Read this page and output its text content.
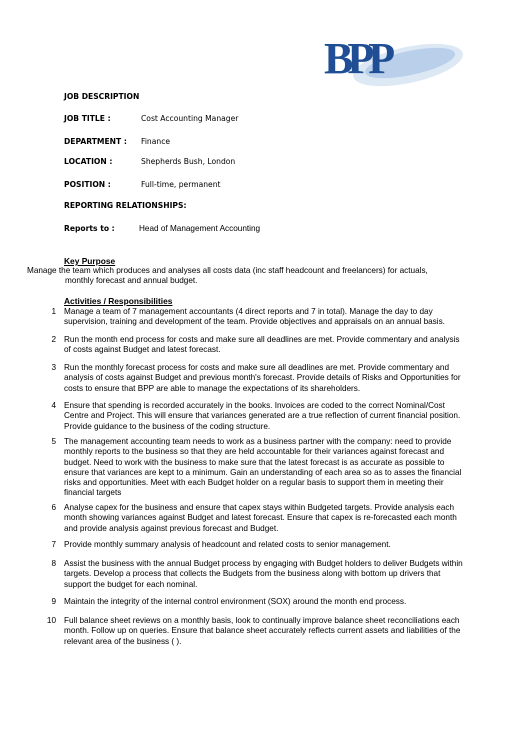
BPP
JOB DESCRIPTION
JOB TITLE :	Cost Accounting Manager
DEPARTMENT : Finance
LOCATION :	Shepherds Bush, London
POSITION :	Full-time, permanent
REPORTING RELATIONSHIPS:
Reports to :	Head of Management Accounting
Key Purpose
Manage the team which produces and analyses all costs data (inc staff headcount and freelancers) for actuals,
monthly forecast and annual budget.
Activities / Responsibilities
1 Manage a team of 7 management accountants (4 direct reports and 7 in total). Manage the day to day supervision, training and development of the team. Provide objectives and appraisals on an annual basis.
2 Run the month end process for costs and make sure all deadlines are met. Provide commentary and analysis of costs against Budget and latest forecast.
3 Run the monthly forecast process for costs and make sure all deadlines are met. Provide commentary and analysis of costs against Budget and previous month's forecast. Provide details of Risks and Opportunities for costs to ensure that BPP are able to manage the expectations of its shareholders.
4 Ensure that spending is recorded accurately in the books. Invoices are coded to the correct Nominal/Cost Centre and Project. This will ensure that variances generated are a true reflection of current financial position. Provide guidance to the business of the coding structure.
5 The management accounting team needs to work as a business partner with the company: need to provide monthly reports to the business so that they are held accountable for their variances against forecast and budget. Need to work with the business to make sure that the latest forecast is as accurate as possible to ensure that variances are kept to a minimum. Gain an understanding of each area so as to asses the financial risks and opportunities. Meet with each Budget holder on a regular basis to support them in meeting their financial targets
6 Analyse capex for the business and ensure that capex stays within Budgeted targets. Provide analysis each month showing variances against Budget and latest forecast. Ensure that capex is re-forecasted each month and provide analysis against previous forecast and Budget.
7 Provide monthly summary analysis of headcount and related costs to senior management.
8 Assist the business with the annual Budget process by engaging with Budget holders to deliver Budgets within targets. Develop a process that collects the Budgets from the business along with bottom up drivers that support the budget for each nominal.
9 Maintain the integrity of the internal control environment (SOX) around the month end process.
10 Full balance sheet reviews on a monthly basis, look to continually improve balance sheet reconciliations each month. Follow up on queries. Ensure that balance sheet accurately reflects current assets and liabilities of the relevant area of the business ( ).
